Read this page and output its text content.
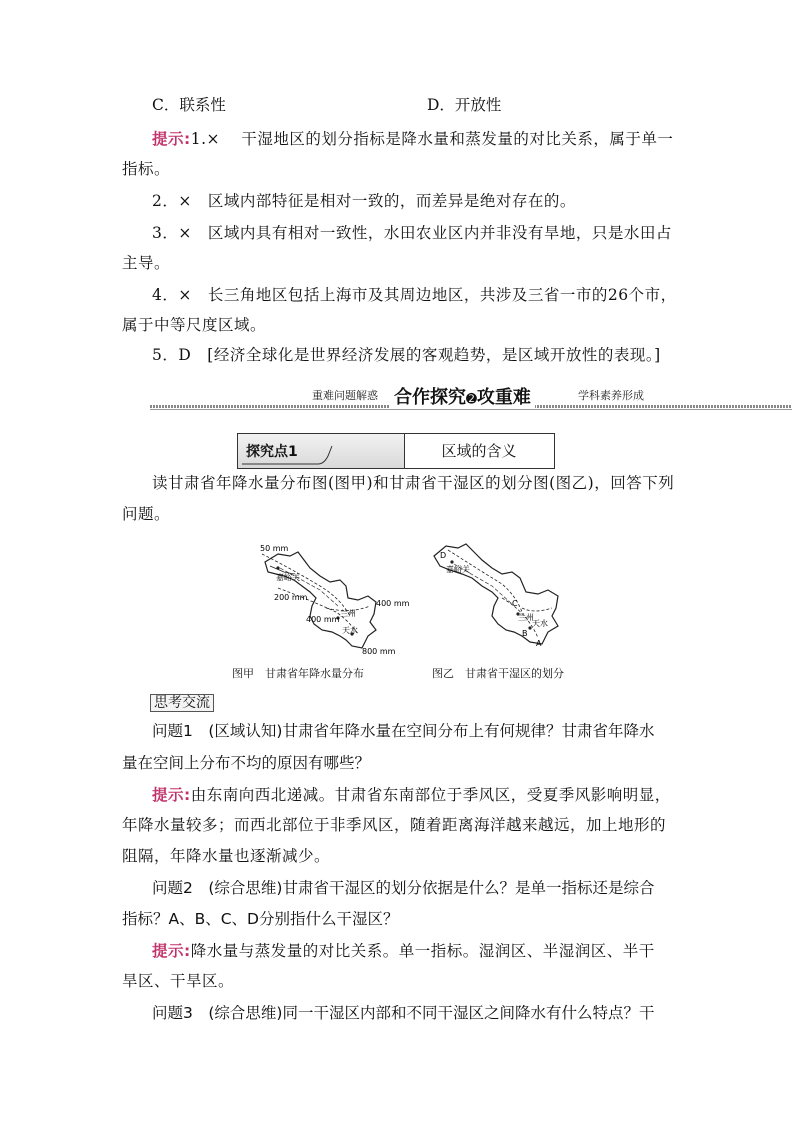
C．联系性	D．开放性
提示:1.×　 干湿地区的划分指标是降水量和蒸发量的对比关系，属于单一
指标。
2．×　区域内部特征是相对一致的，而差异是绝对存在的。
3．×　区域内具有相对一致性，水田农业区内并非没有旱地，只是水田占
主导。
4．×　长三角地区包括上海市及其周边地区，共涉及三省一市的26个市，
属于中等尺度区域。
5．D　[经济全球化是世界经济发展的客观趋势，是区域开放性的表现。]
重难问题解惑 合作探究➋攻重难	学科素养形成
探究点1	区域的含义
读甘肃省年降水量分布图(图甲)和甘肃省干湿区的划分图(图乙)，回答下列
问题。
50 mm
嘉峪关
200 mm
400 mm
400 mm
兰州
天水
800 mm
图甲　甘肃省年降水量分布
D
嘉峪关
C
兰州
天水
B
A
图乙　甘肃省干湿区的划分
思考交流
问题1　(区域认知)甘肃省年降水量在空间分布上有何规律？甘肃省年降水
量在空间上分布不均的原因有哪些？
提示:由东南向西北递减。甘肃省东南部位于季风区，受夏季风影响明显，
年降水量较多；而西北部位于非季风区，随着距离海洋越来越远，加上地形的
阻隔，年降水量也逐渐减少。
问题2　(综合思维)甘肃省干湿区的划分依据是什么？是单一指标还是综合
指标？A、B、C、D分别指什么干湿区？
提示:降水量与蒸发量的对比关系。单一指标。湿润区、半湿润区、半干
旱区、干旱区。
问题3　(综合思维)同一干湿区内部和不同干湿区之间降水有什么特点？干
